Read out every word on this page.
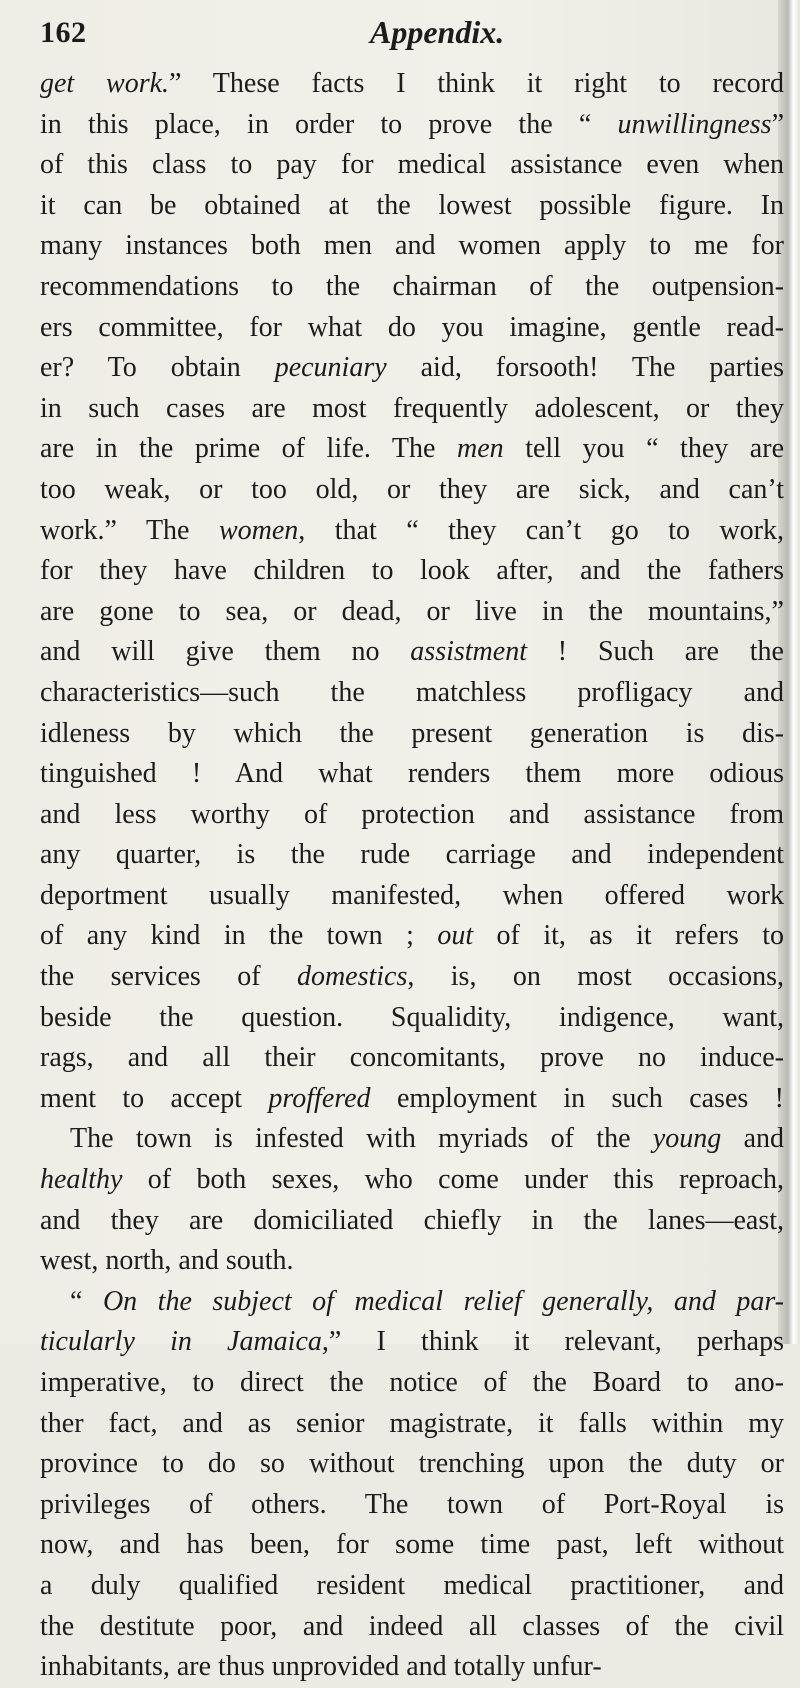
162	Appendix.
get work.” These facts I think it right to record
in this place, in order to prove the “ unwillingness”
of this class to pay for medical assistance even when
it can be obtained at the lowest possible figure. In
many instances both men and women apply to me for
recommendations to the chairman of the outpension-
ers committee, for what do you imagine, gentle read-
er? To obtain pecuniary aid, forsooth! The parties
in such cases are most frequently adolescent, or they
are in the prime of life. The men tell you “ they are
too weak, or too old, or they are sick, and can’t
work.” The women, that “ they can’t go to work,
for they have children to look after, and the fathers
are gone to sea, or dead, or live in the mountains,”
and will give them no assistment ! Such are the
characteristics—such the matchless profligacy and
idleness by which the present generation is dis-
tinguished ! And what renders them more odious
and less worthy of protection and assistance from
any quarter, is the rude carriage and independent
deportment usually manifested, when offered work
of any kind in the town ; out of it, as it refers to
the services of domestics, is, on most occasions,
beside the question. Squalidity, indigence, want,
rags, and all their concomitants, prove no induce-
ment to accept proffered employment in such cases !
The town is infested with myriads of the young and
healthy of both sexes, who come under this reproach,
and they are domiciliated chiefly in the lanes—east,
west, north, and south.
“ On the subject of medical relief generally, and par-
ticularly in Jamaica,” I think it relevant, perhaps
imperative, to direct the notice of the Board to ano-
ther fact, and as senior magistrate, it falls within my
province to do so without trenching upon the duty or
privileges of others. The town of Port-Royal is
now, and has been, for some time past, left without
a duly qualified resident medical practitioner, and
the destitute poor, and indeed all classes of the civil
inhabitants, are thus unprovided and totally unfur-
